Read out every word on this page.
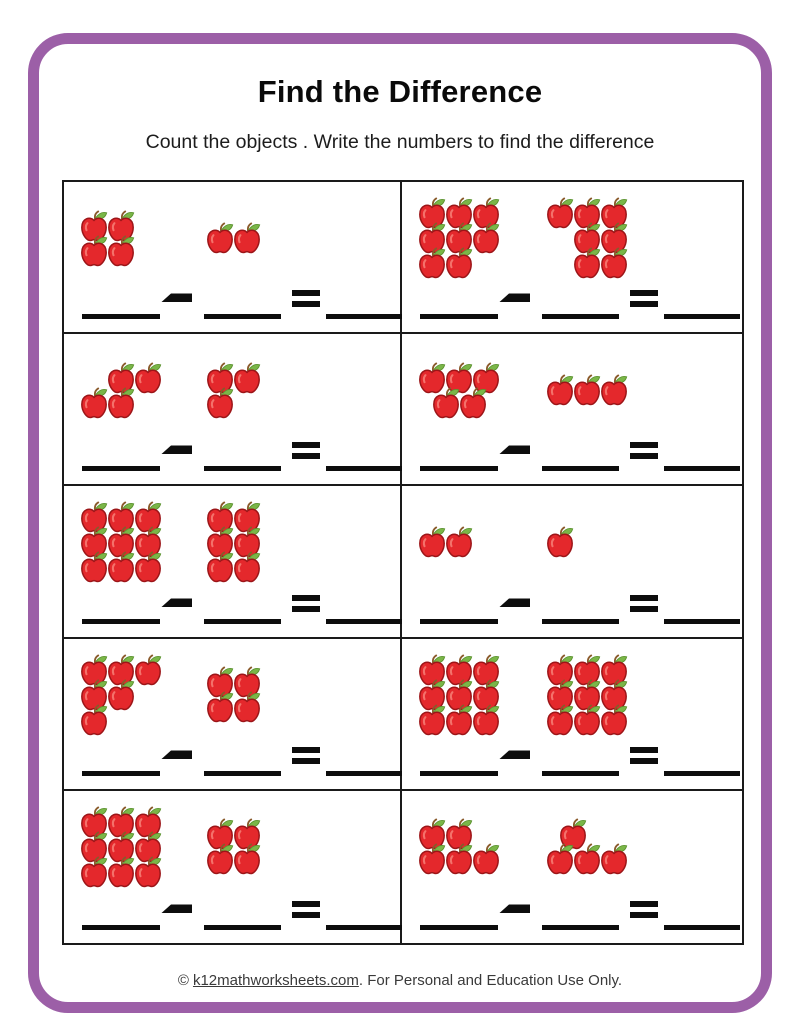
Find the Difference
Count the objects . Write the numbers to find the difference
© k12mathworksheets.com. For Personal and Education Use Only.
